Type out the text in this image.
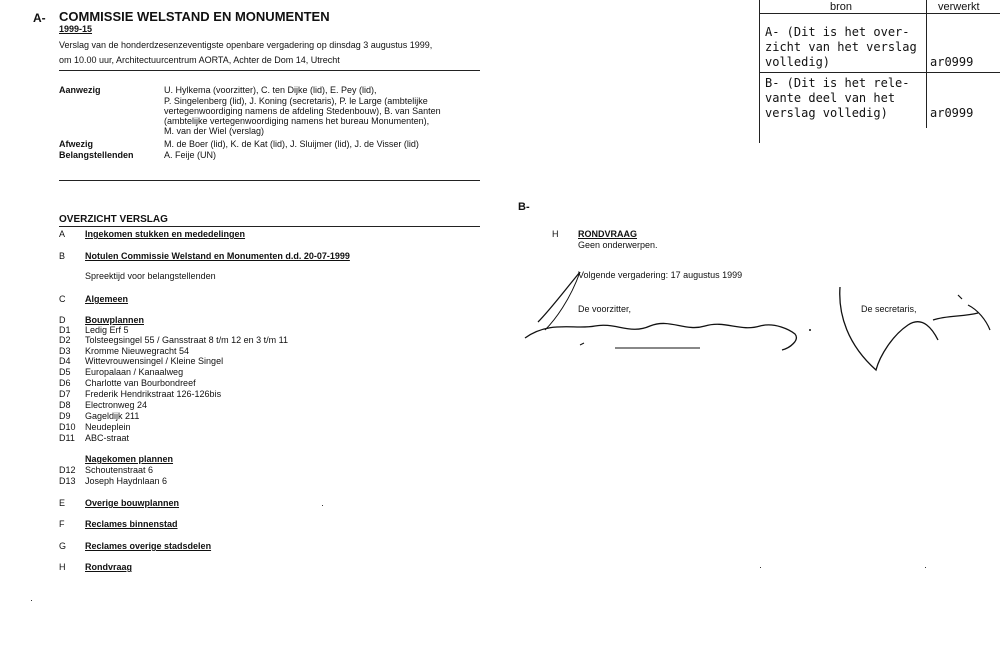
A-
B-
COMMISSIE WELSTAND EN MONUMENTEN
1999-15
Verslag van de honderdzesenzeventigste openbare vergadering op dinsdag 3 augustus 1999,
om 10.00 uur, Architectuurcentrum AORTA, Achter de Dom 14, Utrecht
Aanwezig	U. Hylkema (voorzitter), C. ten Dijke (lid), E. Pey (lid),
P. Singelenberg (lid), J. Koning (secretaris), P. le Large (ambtelijke
vertegenwoordiging namens de afdeling Stedenbouw), B. van Santen
(ambtelijke vertegenwoordiging namens het bureau Monumenten),
M. van der Wiel (verslag)
Afwezig	M. de Boer (lid), K. de Kat (lid), J. Sluijmer (lid), J. de Visser (lid)
Belangstellenden	A. Feije (UN)
OVERZICHT VERSLAG
A	Ingekomen stukken en mededelingen
B	Notulen Commissie Welstand en Monumenten d.d. 20-07-1999
Spreektijd voor belangstellenden
C	Algemeen
D	Bouwplannen
D1	Ledig Erf 5
D2	Tolsteegsingel 55 / Gansstraat 8 t/m 12 en 3 t/m 11
D3	Kromme Nieuwegracht 54
D4	Wittevrouwensingel / Kleine Singel
D5	Europalaan / Kanaalweg
D6	Charlotte van Bourbondreef
D7	Frederik Hendrikstraat 126-126bis
D8	Electronweg 24
D9	Gageldijk 211
D10	Neudeplein
D11	ABC-straat
Nagekomen plannen
D12	Schoutenstraat 6
D13	Joseph Haydnlaan 6
E	Overige bouwplannen
F	Reclames binnenstad
G	Reclames overige stadsdelen
H	Rondvraag
H RONDVRAAG
Geen onderwerpen.
Volgende vergadering: 17 augustus 1999
De voorzitter,	De secretaris,
bron	verwerkt
A- (Dit is het over-
zicht van het verslag
volledig)	ar0999
B- (Dit is het rele-
vante deel van het
verslag volledig)	ar0999
